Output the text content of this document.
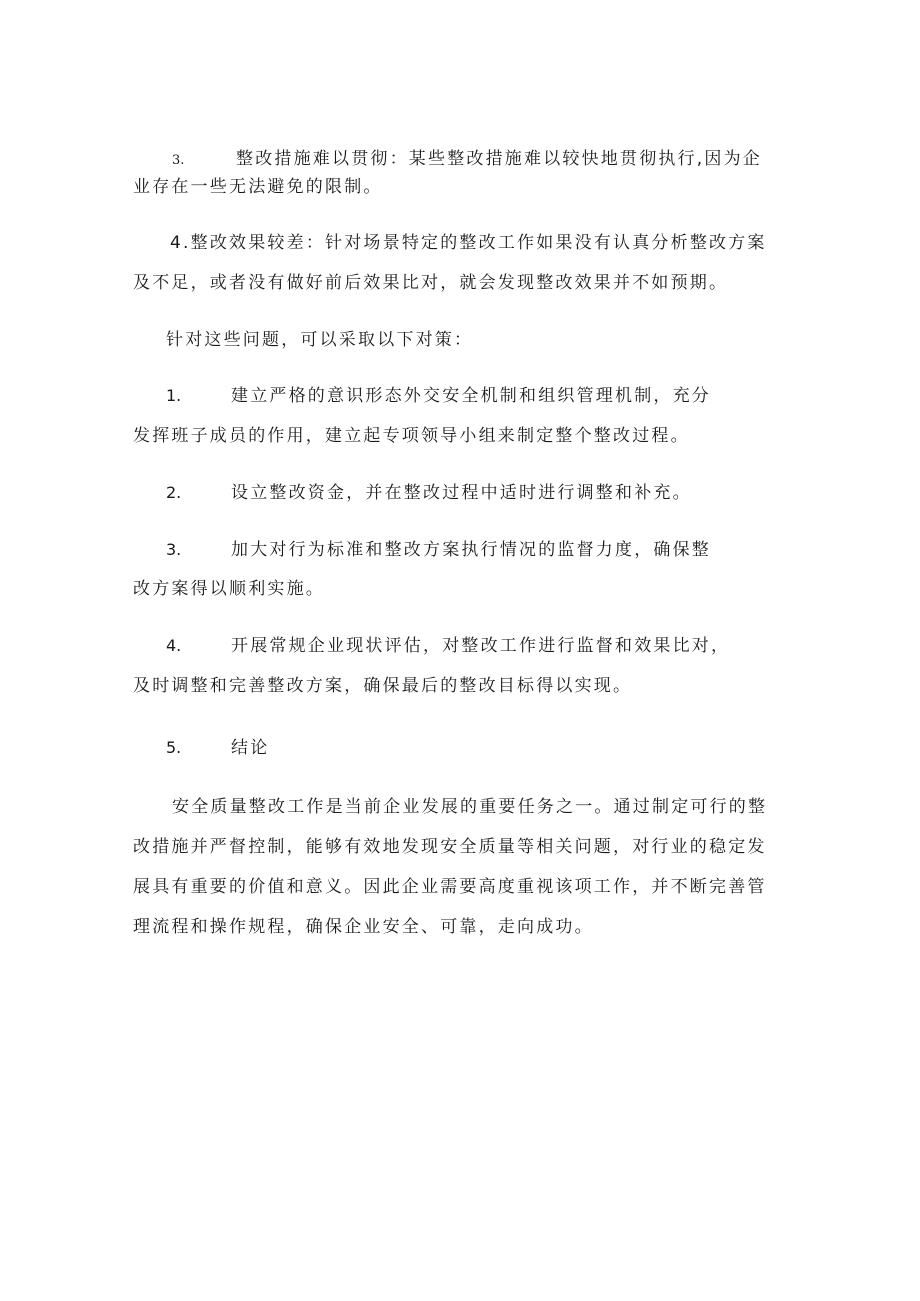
3.	整改措施难以贯彻：某些整改措施难以较快地贯彻执行,因为企
业存在一些无法避免的限制。
4.整改效果较差：针对场景特定的整改工作如果没有认真分析整改方案
及不足，或者没有做好前后效果比对，就会发现整改效果并不如预期。
针对这些问题，可以采取以下对策：
1.	建立严格的意识形态外交安全机制和组织管理机制，充分
发挥班子成员的作用，建立起专项领导小组来制定整个整改过程。
2.	设立整改资金，并在整改过程中适时进行调整和补充。
3.	加大对行为标准和整改方案执行情况的监督力度，确保整
改方案得以顺利实施。
4.	开展常规企业现状评估，对整改工作进行监督和效果比对，
及时调整和完善整改方案，确保最后的整改目标得以实现。
5.	结论
安全质量整改工作是当前企业发展的重要任务之一。通过制定可行的整
改措施并严督控制，能够有效地发现安全质量等相关问题，对行业的稳定发
展具有重要的价值和意义。因此企业需要高度重视该项工作，并不断完善管
理流程和操作规程，确保企业安全、可靠，走向成功。
